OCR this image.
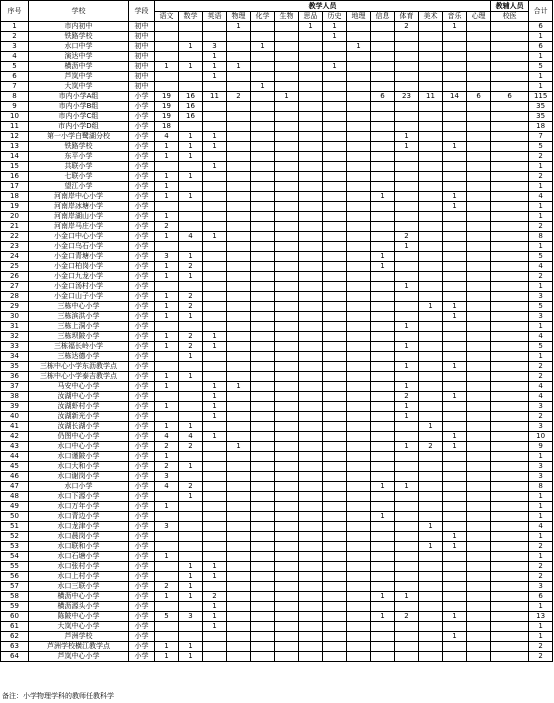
序号	学校	学段	教学人员														教辅人员	合计
			语文	数学	英语	物理	化学	生物	思品	历史	地理	信息	体育	美术	音乐	心理	校医	
1	市内初中	初中				1			1	1			2		1			6
2	铁路学校	初中								1								1
3	水口中学	初中		1	3		1				1							6
4	演达中学	初中			1													1
5	横沥中学	初中	1	1	1	1				1								5
6	芦岚中学	初中			1													1
7	大岚中学	初中					1											1
8	市内小学A组	小学	19	16	11	2		1				6	23	11	14	6	6	115
9	市内小学B组	小学	19	16														35
10	市内小学C组	小学	19	16														35
11	市内小学D组	小学	18															18
12	第一小学白鹭湖分校	小学	4	1	1								1					7
13	铁路学校	小学	1	1	1								1		1			5
14	东平小学	小学	1	1														2
15	共联小学	小学			1													1
16	七联小学	小学	1	1														2
17	望江小学	小学	1															1
18	河南岸中心小学	小学	1	1								1			1			4
19	河南岸冰塘小学	小学													1			1
20	河南岸湖山小学	小学	1															1
21	河南岸马庄小学	小学	2															2
22	小金口中心小学	小学	1	4	1								2					8
23	小金口乌石小学	小学											1					1
24	小金口青塘小学	小学	3	1								1						5
25	小金口柏岗小学	小学	1	2								1						4
26	小金口九龙小学	小学	1	1														2
27	小金口汤村小学	小学											1					1
28	小金口山子小学	小学	1	2														3
29	三栋中心小学	小学	1	2										1	1			5
30	三栋滨洪小学	小学	1	1											1			3
31	三栋上洞小学	小学											1					1
32	三栋坝陂小学	小学	1	2	1													4
33	三栋福长岭小学	小学	1	2	1								1					5
34	三栋达德小学	小学		1														1
35	三栋中心小学东沥教学点	小学											1		1			2
36	三栋中心小学泰吉教学点	小学	1	1														2
37	马安中心小学	小学	1		1	1							1					4
38	汝湖中心小学	小学			1								2		1			4
39	汝湖虾村小学	小学	1		1								1					3
40	汝湖新光小学	小学			1								1					2
41	汝湖长湖小学	小学	1	1										1				3
42	仍图中心小学	小学	4	4	1										1			10
43	水口中心小学	小学	2	2		1							1	2	1			9
44	水口谨陂小学	小学	1															1
45	水口大和小学	小学	2	1														3
46	水口谢岗小学	小学	3															3
47	水口小学	小学	4	2								1	1					8
48	水口下源小学	小学		1														1
49	水口万年小学	小学	1															1
50	水口青边小学	小学										1						1
51	水口龙津小学	小学	3											1				4
52	水口晨岗小学	小学													1			1
53	水口联和小学	小学												1	1			2
54	水口石塘小学	小学	1															1
55	水口张村小学	小学		1	1													2
56	水口上村小学	小学		1	1													2
57	水口三联小学	小学	2	1														3
58	横沥中心小学	小学	1	1	2							1	1					6
59	横沥源头小学	小学			1													1
60	陈陂中心小学	小学	5	3	1							1	2		1			13
61	大岚中心小学	小学			1													1
62	芦洲学校	小学													1			1
63	芦洲学校横江教学点	小学	1	1														2
64	芦岚中心小学	小学	1	1														2
备注：小学物理学科的教师任教科学
